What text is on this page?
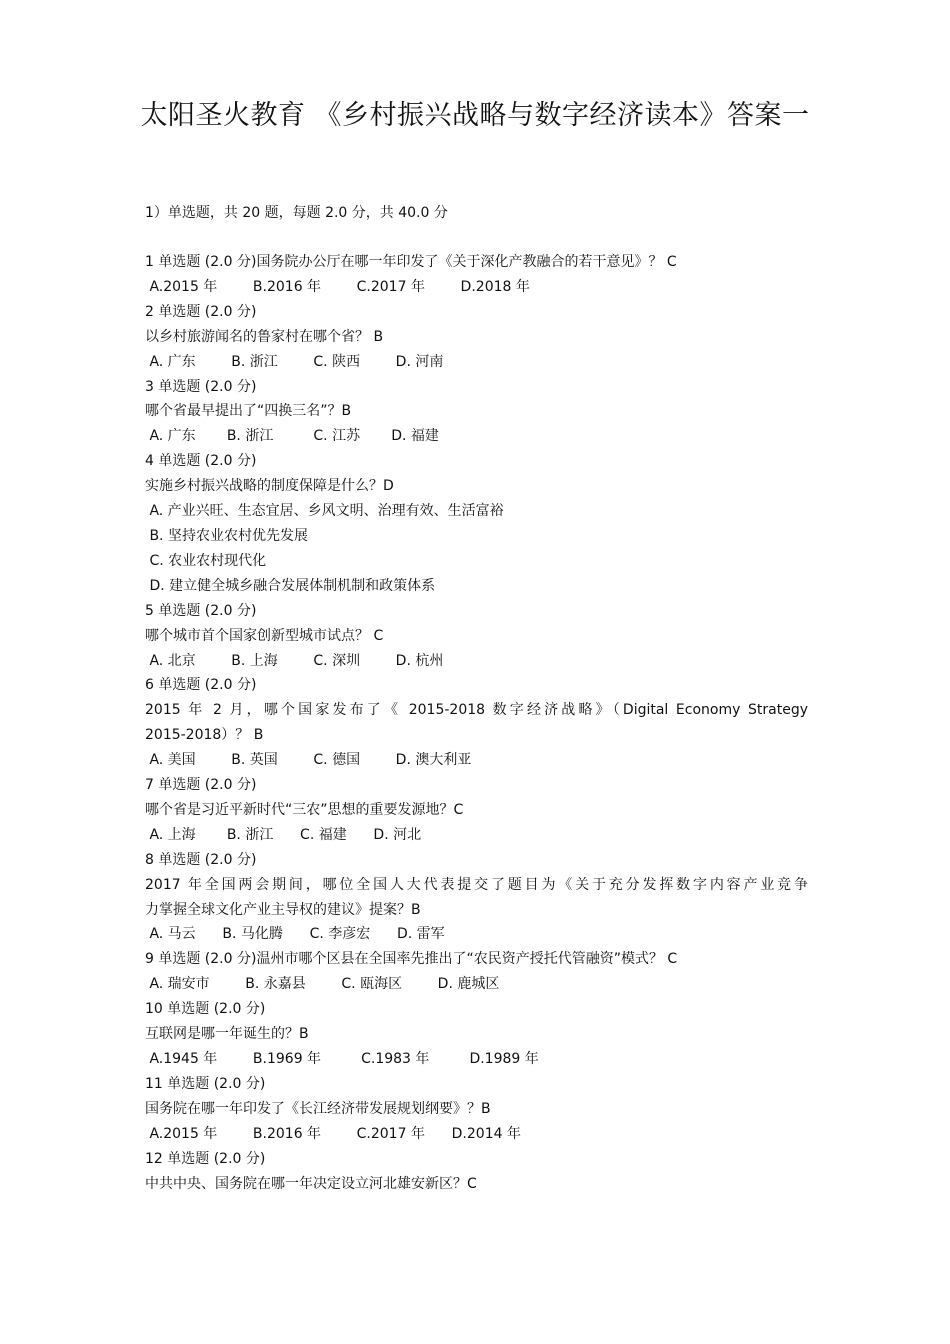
太阳圣火教育 《乡村振兴战略与数字经济读本》答案一
1）单选题，共 20 题，每题 2.0 分，共 40.0 分
1 单选题 (2.0 分)国务院办公厅在哪一年印发了《关于深化产教融合的若干意见》？ C
A.2015 年        B.2016 年        C.2017 年        D.2018 年
2 单选题 (2.0 分)
以乡村旅游闻名的鲁家村在哪个省？ B
A. 广东        B. 浙江        C. 陕西        D. 河南
3 单选题 (2.0 分)
哪个省最早提出了“四换三名”？B
A. 广东       B. 浙江         C. 江苏       D. 福建
4 单选题 (2.0 分)
实施乡村振兴战略的制度保障是什么？D
A. 产业兴旺、生态宜居、乡风文明、治理有效、生活富裕
B. 坚持农业农村优先发展
C. 农业农村现代化
D. 建立健全城乡融合发展体制机制和政策体系
5 单选题 (2.0 分)
哪个城市首个国家创新型城市试点？ C
A. 北京        B. 上海        C. 深圳        D. 杭州
6 单选题 (2.0 分)
2015 年 2 月，哪个国家发布了《 2015-2018 数字经济战略》（Digital Economy Strategy
2015-2018）？ B
A. 美国        B. 英国        C. 德国        D. 澳大利亚
7 单选题 (2.0 分)
哪个省是习近平新时代“三农”思想的重要发源地？C
A. 上海       B. 浙江      C. 福建      D. 河北
8 单选题 (2.0 分)
2017 年全国两会期间，哪位全国人大代表提交了题目为《关于充分发挥数字内容产业竞争
力掌握全球文化产业主导权的建议》提案？B
A. 马云      B. 马化腾      C. 李彦宏      D. 雷军
9 单选题 (2.0 分)温州市哪个区县在全国率先推出了“农民资产授托代管融资”模式？ C
A. 瑞安市        B. 永嘉县        C. 瓯海区        D. 鹿城区
10 单选题 (2.0 分)
互联网是哪一年诞生的？B
A.1945 年        B.1969 年         C.1983 年         D.1989 年
11 单选题 (2.0 分)
国务院在哪一年印发了《长江经济带发展规划纲要》？B
A.2015 年        B.2016 年        C.2017 年      D.2014 年
12 单选题 (2.0 分)
中共中央、国务院在哪一年决定设立河北雄安新区？C
